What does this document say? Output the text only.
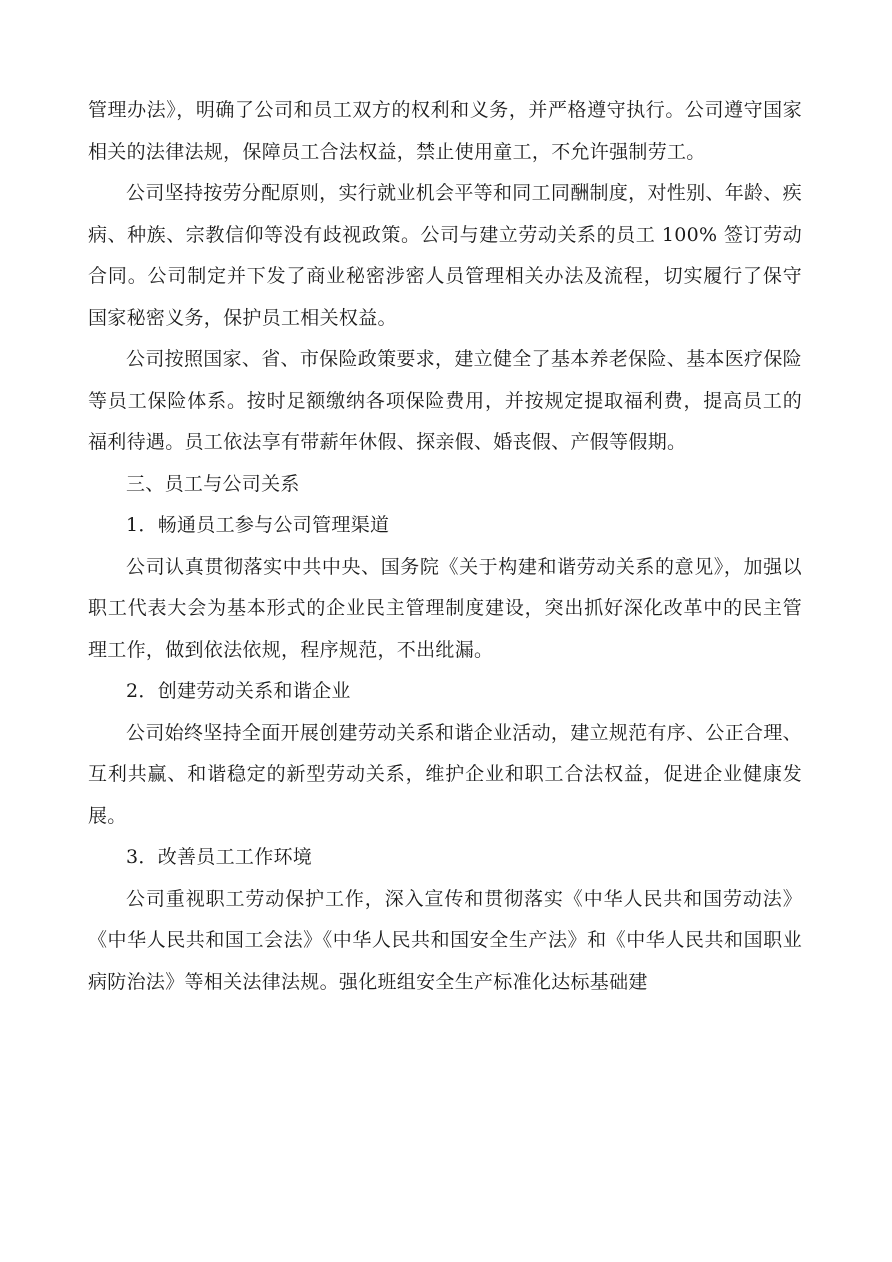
管理办法》，明确了公司和员工双方的权利和义务，并严格遵守执行。公司遵守国家相关的法律法规，保障员工合法权益，禁止使用童工，不允许强制劳工。

公司坚持按劳分配原则，实行就业机会平等和同工同酬制度，对性别、年龄、疾病、种族、宗教信仰等没有歧视政策。公司与建立劳动关系的员工 100% 签订劳动合同。公司制定并下发了商业秘密涉密人员管理相关办法及流程，切实履行了保守国家秘密义务，保护员工相关权益。

公司按照国家、省、市保险政策要求，建立健全了基本养老保险、基本医疗保险等员工保险体系。按时足额缴纳各项保险费用，并按规定提取福利费，提高员工的福利待遇。员工依法享有带薪年休假、探亲假、婚丧假、产假等假期。

三、员工与公司关系

1．畅通员工参与公司管理渠道

公司认真贯彻落实中共中央、国务院《关于构建和谐劳动关系的意见》，加强以职工代表大会为基本形式的企业民主管理制度建设，突出抓好深化改革中的民主管理工作，做到依法依规，程序规范，不出纰漏。

2．创建劳动关系和谐企业

公司始终坚持全面开展创建劳动关系和谐企业活动，建立规范有序、公正合理、互利共赢、和谐稳定的新型劳动关系，维护企业和职工合法权益，促进企业健康发展。

3．改善员工工作环境

公司重视职工劳动保护工作，深入宣传和贯彻落实《中华人民共和国劳动法》《中华人民共和国工会法》《中华人民共和国安全生产法》和《中华人民共和国职业病防治法》等相关法律法规。强化班组安全生产标准化达标基础建
